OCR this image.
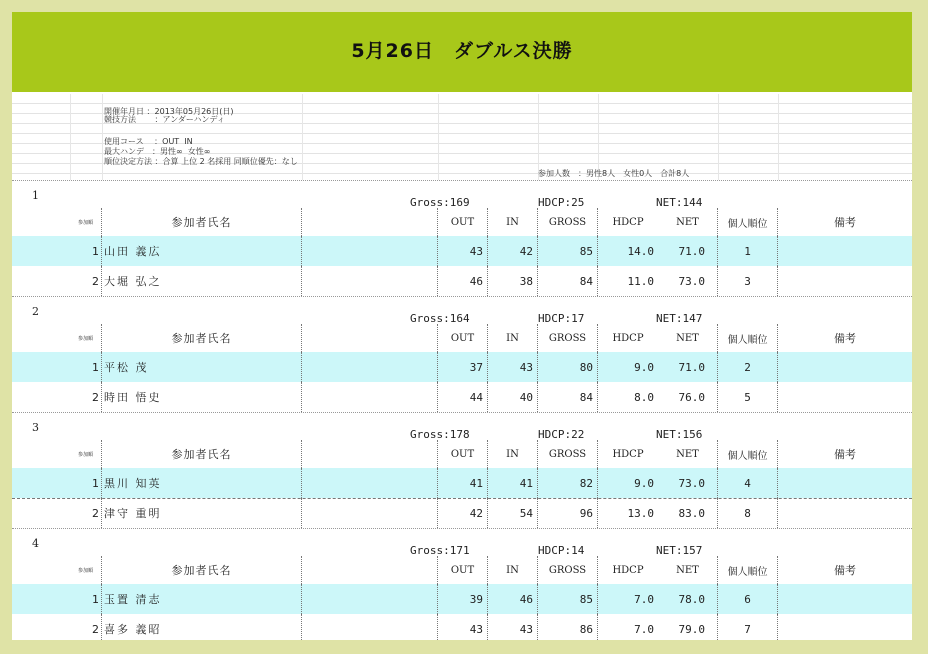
5月26日　ダブルス決勝
開催年月日 ：2013年05月26日(日)
競技方法 　　：アンダーハンディ
使用コース　 ：OUT  IN
最大ハンデ　：男性∞  女性∞
順位決定方法 ：合算 上位 2 名採用 同順位優先：なし
参加人数　：男性8人　女性0人　合計8人
1
Gross:169	HDCP:25	NET:144
参加順	参加者氏名	OUT	IN	GROSS	HDCP	NET	個人順位	備考
1 山田 義広	43	42	85	14.0	71.0	1
2 大堀 弘之	46	38	84	11.0	73.0	3
2
Gross:164	HDCP:17	NET:147
参加順	参加者氏名	OUT	IN	GROSS	HDCP	NET	個人順位	備考
1 平松 茂	37	43	80	9.0	71.0	2
2 時田 悟史	44	40	84	8.0	76.0	5
3
Gross:178	HDCP:22	NET:156
参加順	参加者氏名	OUT	IN	GROSS	HDCP	NET	個人順位	備考
1 黒川 知英	41	41	82	9.0	73.0	4
2 津守 重明	42	54	96	13.0	83.0	8
4
Gross:171	HDCP:14	NET:157
参加順	参加者氏名	OUT	IN	GROSS	HDCP	NET	個人順位	備考
1 玉置 清志	39	46	85	7.0	78.0	6
2 喜多 義昭	43	43	86	7.0	79.0	7
